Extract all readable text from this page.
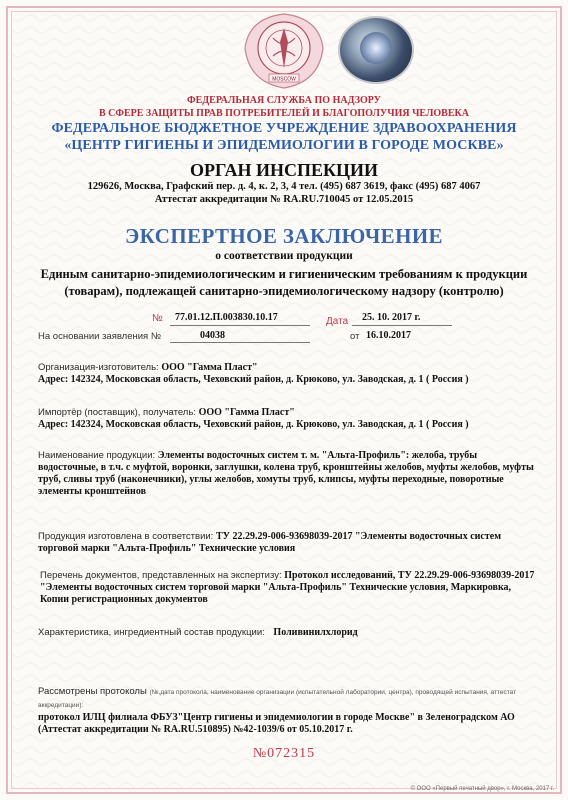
MOSCOW
ФЕДЕРАЛЬНАЯ СЛУЖБА ПО НАДЗОРУ
В СФЕРЕ ЗАЩИТЫ ПРАВ ПОТРЕБИТЕЛЕЙ И БЛАГОПОЛУЧИЯ ЧЕЛОВЕКА
ФЕДЕРАЛЬНОЕ БЮДЖЕТНОЕ УЧРЕЖДЕНИЕ ЗДРАВООХРАНЕНИЯ
«ЦЕНТР ГИГИЕНЫ И ЭПИДЕМИОЛОГИИ В ГОРОДЕ МОСКВЕ»
ОРГАН ИНСПЕКЦИИ
129626, Москва, Графский пер. д. 4, к. 2, 3, 4 тел. (495) 687 3619, факс (495) 687 4067
Аттестат аккредитации № RA.RU.710045 от 12.05.2015
ЭКСПЕРТНОЕ ЗАКЛЮЧЕНИЕ
о соответствии продукции
Единым санитарно-эпидемиологическим и гигиеническим требованиям к продукции
(товарам), подлежащей санитарно-эпидемиологическому надзору (контролю)
№ 77.01.12.П.003830.10.17	Дата 25. 10. 2017 г.
На основании заявления №	04038	от 16.10.2017
Организация-изготовитель: ООО "Гамма Пласт"
Адрес: 142324, Московская область, Чеховский район, д. Крюково, ул. Заводская, д. 1 ( Россия )
Импортёр (поставщик), получатель: ООО "Гамма Пласт"
Адрес: 142324, Московская область, Чеховский район, д. Крюково, ул. Заводская, д. 1 ( Россия )
Наименование продукции: Элементы водосточных систем т. м. "Альта-Профиль": желоба, трубы водосточные, в т.ч. с муфтой, воронки, заглушки, колена труб, кронштейны желобов, муфты желобов, муфты труб, сливы труб (наконечники), углы желобов, хомуты труб, клипсы, муфты переходные, поворотные элементы кронштейнов
Продукция изготовлена в соответствии: ТУ 22.29.29-006-93698039-2017 "Элементы водосточных систем торговой марки "Альта-Профиль" Технические условия
Перечень документов, представленных на экспертизу: Протокол исследований, ТУ 22.29.29-006-93698039-2017 "Элементы водосточных систем торговой марки "Альта-Профиль" Технические условия, Маркировка, Копии регистрационных документов
Характеристика, ингредиентный состав продукции: Поливинилхлорид
Рассмотрены протоколы (№,дата протокола, наименование организации (испытательной лаборатории, центра), проводящей испытания, аттестат аккредитации):
протокол ИЛЦ филиала ФБУЗ"Центр гигиены и эпидемиологии в городе Москве" в Зеленоградском АО (Аттестат аккредитации № RA.RU.510895) №42-1039/6 от 05.10.2017 г.
№072315
© ООО «Первый печатный двор», г. Москва, 2017 г.
